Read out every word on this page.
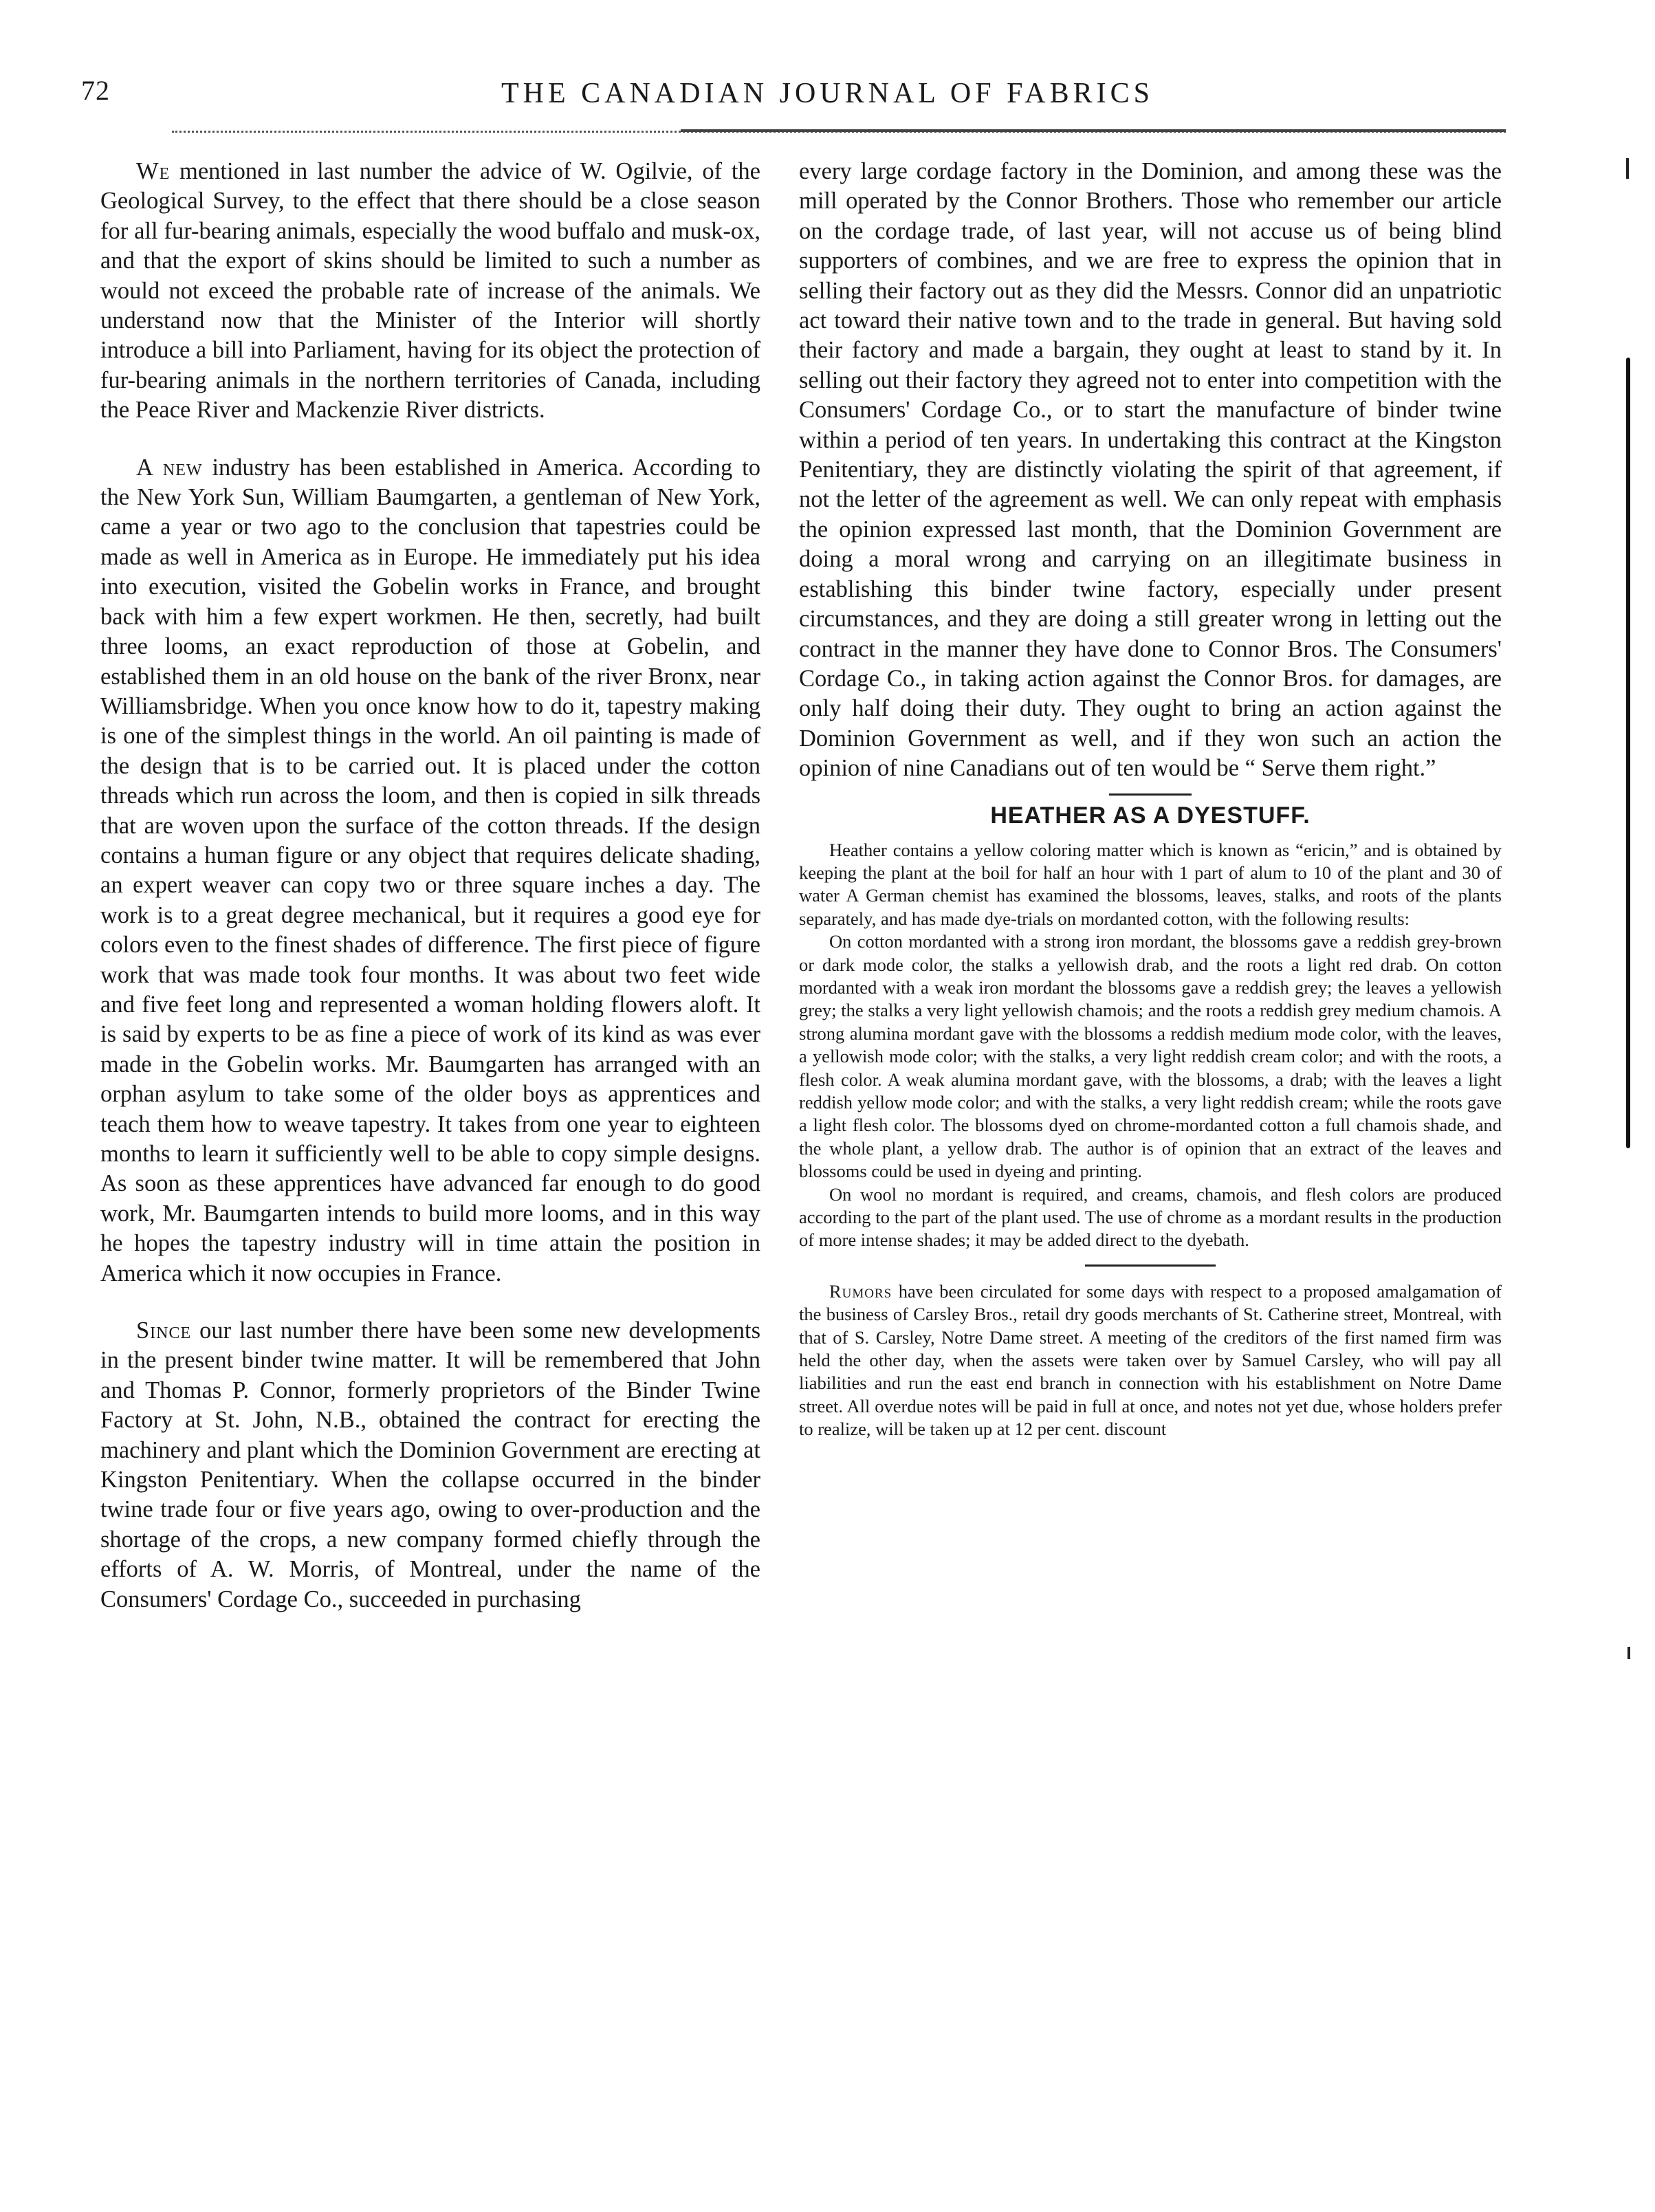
72	THE CANADIAN JOURNAL OF FABRICS

We mentioned in last number the advice of W. Ogilvie, of the Geological Survey, to the effect that there should be a close season for all fur-bearing animals, especially the wood buffalo and musk-ox, and that the export of skins should be limited to such a number as would not exceed the probable rate of increase of the animals. We understand now that the Minister of the Interior will shortly introduce a bill into Parliament, having for its object the protection of fur-bearing animals in the northern territories of Canada, including the Peace River and Mackenzie River districts.

A new industry has been established in America. According to the New York Sun, William Baumgarten, a gentleman of New York, came a year or two ago to the conclusion that tapestries could be made as well in America as in Europe. He immediately put his idea into execution, visited the Gobelin works in France, and brought back with him a few expert workmen. He then, secretly, had built three looms, an exact reproduction of those at Gobelin, and established them in an old house on the bank of the river Bronx, near Williamsbridge. When you once know how to do it, tapestry making is one of the simplest things in the world. An oil painting is made of the design that is to be carried out. It is placed under the cotton threads which run across the loom, and then is copied in silk threads that are woven upon the surface of the cotton threads. If the design contains a human figure or any object that requires delicate shading, an expert weaver can copy two or three square inches a day. The work is to a great degree mechanical, but it requires a good eye for colors even to the finest shades of difference. The first piece of figure work that was made took four months. It was about two feet wide and five feet long and represented a woman holding flowers aloft. It is said by experts to be as fine a piece of work of its kind as was ever made in the Gobelin works. Mr. Baumgarten has arranged with an orphan asylum to take some of the older boys as apprentices and teach them how to weave tapestry. It takes from one year to eighteen months to learn it sufficiently well to be able to copy simple designs. As soon as these apprentices have advanced far enough to do good work, Mr. Baumgarten intends to build more looms, and in this way he hopes the tapestry industry will in time attain the position in America which it now occupies in France.

Since our last number there have been some new developments in the present binder twine matter. It will be remembered that John and Thomas P. Connor, formerly proprietors of the Binder Twine Factory at St. John, N.B., obtained the contract for erecting the machinery and plant which the Dominion Government are erecting at Kingston Penitentiary. When the collapse occurred in the binder twine trade four or five years ago, owing to over-production and the shortage of the crops, a new company formed chiefly through the efforts of A. W. Morris, of Montreal, under the name of the Consumers' Cordage Co., succeeded in purchasing

every large cordage factory in the Dominion, and among these was the mill operated by the Connor Brothers. Those who remember our article on the cordage trade, of last year, will not accuse us of being blind supporters of combines, and we are free to express the opinion that in selling their factory out as they did the Messrs. Connor did an unpatriotic act toward their native town and to the trade in general. But having sold their factory and made a bargain, they ought at least to stand by it. In selling out their factory they agreed not to enter into competition with the Consumers' Cordage Co., or to start the manufacture of binder twine within a period of ten years. In undertaking this contract at the Kingston Penitentiary, they are distinctly violating the spirit of that agreement, if not the letter of the agreement as well. We can only repeat with emphasis the opinion expressed last month, that the Dominion Government are doing a moral wrong and carrying on an illegitimate business in establishing this binder twine factory, especially under present circumstances, and they are doing a still greater wrong in letting out the contract in the manner they have done to Connor Bros. The Consumers' Cordage Co., in taking action against the Connor Bros. for damages, are only half doing their duty. They ought to bring an action against the Dominion Government as well, and if they won such an action the opinion of nine Canadians out of ten would be “ Serve them right.”

HEATHER AS A DYESTUFF.

Heather contains a yellow coloring matter which is known as “ericin,” and is obtained by keeping the plant at the boil for half an hour with 1 part of alum to 10 of the plant and 30 of water A German chemist has examined the blossoms, leaves, stalks, and roots of the plants separately, and has made dye-trials on mordanted cotton, with the following results:

On cotton mordanted with a strong iron mordant, the blossoms gave a reddish grey-brown or dark mode color, the stalks a yellowish drab, and the roots a light red drab. On cotton mordanted with a weak iron mordant the blossoms gave a reddish grey; the leaves a yellowish grey; the stalks a very light yellowish chamois; and the roots a reddish grey medium chamois. A strong alumina mordant gave with the blossoms a reddish medium mode color, with the leaves, a yellowish mode color; with the stalks, a very light reddish cream color; and with the roots, a flesh color. A weak alumina mordant gave, with the blossoms, a drab; with the leaves a light reddish yellow mode color; and with the stalks, a very light reddish cream; while the roots gave a light flesh color. The blossoms dyed on chrome-mordanted cotton a full chamois shade, and the whole plant, a yellow drab. The author is of opinion that an extract of the leaves and blossoms could be used in dyeing and printing.

On wool no mordant is required, and creams, chamois, and flesh colors are produced according to the part of the plant used. The use of chrome as a mordant results in the production of more intense shades; it may be added direct to the dyebath.

Rumors have been circulated for some days with respect to a proposed amalgamation of the business of Carsley Bros., retail dry goods merchants of St. Catherine street, Montreal, with that of S. Carsley, Notre Dame street. A meeting of the creditors of the first named firm was held the other day, when the assets were taken over by Samuel Carsley, who will pay all liabilities and run the east end branch in connection with his establishment on Notre Dame street. All overdue notes will be paid in full at once, and notes not yet due, whose holders prefer to realize, will be taken up at 12 per cent. discount
